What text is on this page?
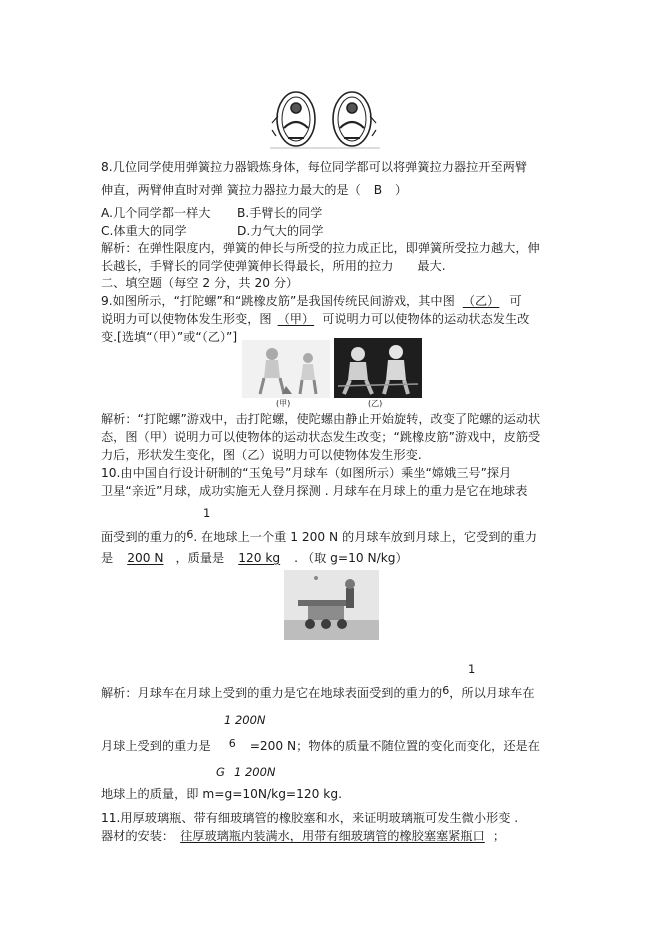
8.几位同学使用弹簧拉力器锻炼身体，每位同学都可以将弹簧拉力器拉开至两臂
伸直，两臂伸直时对弹 簧拉力器拉力最大的是（ B ）
A.几个同学都一样大 B.手臂长的同学
C.体重大的同学	D.力气大的同学
解析：在弹性限度内，弹簧的伸长与所受的拉力成正比，即弹簧所受拉力越大，伸
长越长，手臂长的同学使弹簧伸长得最长，所用的拉力 最大.
二、填空题（每空 2 分，共 20 分）
9.如图所示，“打陀螺”和“跳橡皮筋”是我国传统民间游戏，其中图 （乙） 可
说明力可以使物体发生形变，图 （甲） 可说明力可以使物体的运动状态发生改
变.[选填“（甲）”或“（乙）”]
(甲)	(乙)
解析：“打陀螺”游戏中，击打陀螺，使陀螺由静止开始旋转，改变了陀螺的运动状
态，图（甲）说明力可以使物体的运动状态发生改变；“跳橡皮筋”游戏中，皮筋受
力后，形状发生变化，图（乙）说明力可以使物体发生形变.
10.由中国自行设计研制的“玉兔号”月球车（如图所示）乘坐“嫦娥三号”探月
卫星“亲近”月球，成功实施无人登月探测 . 月球车在月球上的重力是它在地球表
1
面受到的重力的6. 在地球上一个重 1 200 N 的月球车放到月球上，它受到的重力
是 200 N ，质量是 120 kg . （取 g=10 N/kg）
1
解析：月球车在月球上受到的重力是它在地球表面受到的重力的6，所以月球车在
1 200N
月球上受到的重力是 6 =200 N；物体的质量不随位置的变化而变化，还是在
G 1 200N
地球上的质量，即 m=g=10N/kg=120 kg.
11.用厚玻璃瓶、带有细玻璃管的橡胶塞和水，来证明玻璃瓶可发生微小形变 .
器材的安装： 往厚玻璃瓶内装满水，用带有细玻璃管的橡胶塞塞紧瓶口 ；
